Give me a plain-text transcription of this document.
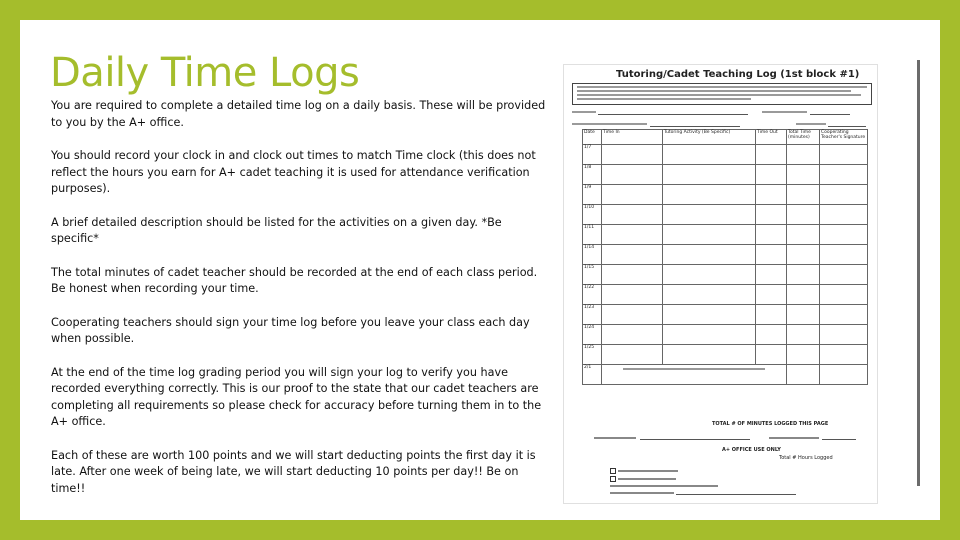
Daily Time Logs

You are required to complete a detailed time log on a daily basis. These will be provided to you by the A+ office.

You should record your clock in and clock out times to match Time clock (this does not reflect the hours you earn for A+ cadet teaching it is used for attendance verification purposes).

A brief detailed description should be listed for the activities on a given day. *Be specific*

The total minutes of cadet teacher should be recorded at the end of each class period. Be honest when recording your time.

Cooperating teachers should sign your time log before you leave your class each day when possible.

At the end of the time log grading period you will sign your log to verify you have recorded everything correctly. This is our proof to the state that our cadet teachers are completing all requirements so please check for accuracy before turning them in to the A+ office.

Each of these are worth 100 points and we will start deducting points the first day it is late. After one week of being late, we will start deducting 10 points per day!! Be on time!!

Tutoring/Cadet Teaching Log (1st block #1)
Date	Time In	Tutoring Activity (Be Specific)	Time Out	Total Time (minutes)	Cooperating Teacher's Signature
1/7					
1/8					
1/9					
1/10					
1/11					
1/14					
1/15					
1/22					
1/23					
1/24					
1/25					
2/1			

TOTAL # OF MINUTES LOGGED THIS PAGE
A+ OFFICE USE ONLY
Total # Hours Logged
